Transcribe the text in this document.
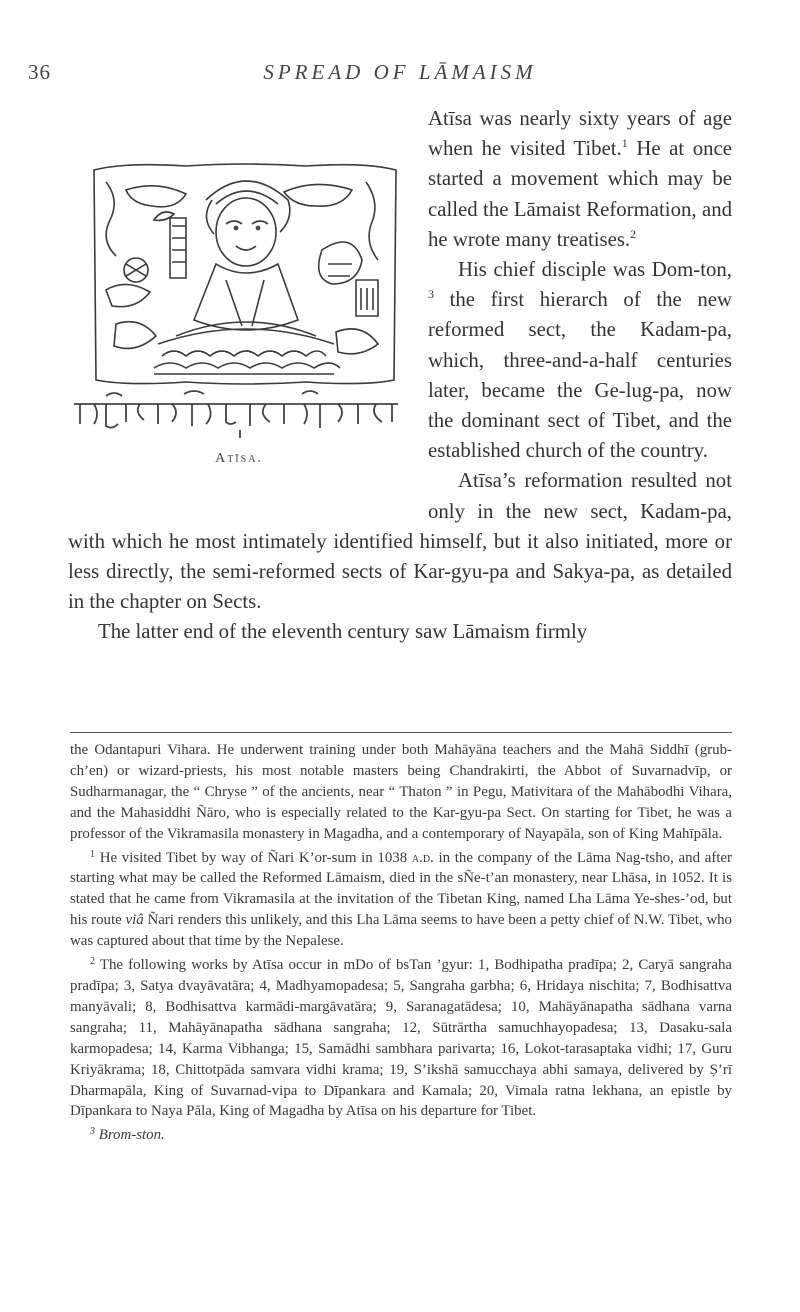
36	SPREAD OF LĀMAISM
Atīsa.

Atīsa was nearly sixty years of age when he visited Tibet.$^1$ He at once started a movement which may be called the Lāmaist Reformation, and he wrote many treatises.$^2$

His chief disciple was Dom-ton, $^3$ the first hierarch of the new reformed sect, the Kadam-pa, which, three-and-a-half centuries later, became the Ge-lug-pa, now the dominant sect of Tibet, and the established church of the country.

Atīsa’s reformation resulted not only in the new sect, Kadam-pa, with which he most intimately identified himself, but it also initiated, more or less directly, the semi-reformed sects of Kar-gyu-pa and Sakya-pa, as detailed in the chapter on Sects.

The latter end of the eleventh century saw Lāmaism firmly

the Odantapuri Vihara. He underwent training under both Mahāyāna teachers and the Mahā Siddhī (grub-ch’en) or wizard-priests, his most notable masters being Chandrakirti, the Abbot of Suvarnadvīp, or Sudharmanagar, the “ Chryse ” of the ancients, near “ Thaton ” in Pegu, Mativitara of the Mahābodhi Vihara, and the Mahasiddhi Ñāro, who is especially related to the Kar-gyu-pa Sect. On starting for Tibet, he was a professor of the Vikramasila monastery in Magadha, and a contemporary of Nayapāla, son of King Mahīpāla.

$^1$ He visited Tibet by way of Ñari K’or-sum in 1038 a.d. in the company of the Lāma Nag-tsho, and after starting what may be called the Reformed Lāmaism, died in the sÑe-t’an monastery, near Lhāsa, in 1052. It is stated that he came from Vikramasila at the invitation of the Tibetan King, named Lha Lāma Ye-shes-’od, but his route viâ Ñari renders this unlikely, and this Lha Lāma seems to have been a petty chief of N.W. Tibet, who was captured about that time by the Nepalese.

$^2$ The following works by Atīsa occur in mDo of bsTan ’gyur: 1, Bodhipatha pradīpa; 2, Caryā sangraha pradīpa; 3, Satya dvayāvatāra; 4, Madhyamopadesa; 5, Sangraha garbha; 6, Hridaya nischita; 7, Bodhisattva manyāvali; 8, Bodhisattva karmādi-margāvatāra; 9, Saranagatādesa; 10, Mahāyānapatha sādhana varna sangraha; 11, Mahāyānapatha sādhana sangraha; 12, Sūtrārtha samuchhayopadesa; 13, Dasaku-sala karmopadesa; 14, Karma Vibhanga; 15, Samādhi sambhara parivarta; 16, Lokot-tarasaptaka vidhi; 17, Guru Kriyākrama; 18, Chittotpāda samvara vidhi krama; 19, S’ikshā samucchaya abhi samaya, delivered by Ṣ’rī Dharmapāla, King of Suvarnad-vipa to Dīpankara and Kamala; 20, Vimala ratna lekhana, an epistle by Dīpankara to Naya Pāla, King of Magadha by Atīsa on his departure for Tibet.

$^3$ Brom-ston.
